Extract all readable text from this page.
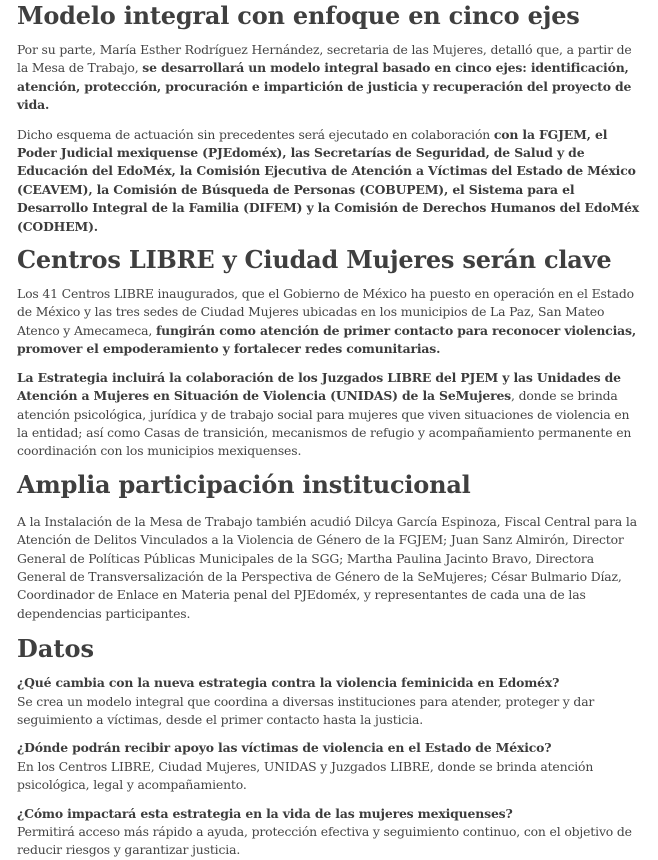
Modelo integral con enfoque en cinco ejes

Por su parte, María Esther Rodríguez Hernández, secretaria de las Mujeres, detalló que, a partir de la Mesa de Trabajo, se desarrollará un modelo integral basado en cinco ejes: identificación, atención, protección, procuración e impartición de justicia y recuperación del proyecto de vida.

Dicho esquema de actuación sin precedentes será ejecutado en colaboración con la FGJEM, el Poder Judicial mexiquense (PJEdoméx), las Secretarías de Seguridad, de Salud y de Educación del EdoMéx, la Comisión Ejecutiva de Atención a Víctimas del Estado de México (CEAVEM), la Comisión de Búsqueda de Personas (COBUPEM), el Sistema para el Desarrollo Integral de la Familia (DIFEM) y la Comisión de Derechos Humanos del EdoMéx (CODHEM).

Centros LIBRE y Ciudad Mujeres serán clave

Los 41 Centros LIBRE inaugurados, que el Gobierno de México ha puesto en operación en el Estado de México y las tres sedes de Ciudad Mujeres ubicadas en los municipios de La Paz, San Mateo Atenco y Amecameca, fungirán como atención de primer contacto para reconocer violencias, promover el empoderamiento y fortalecer redes comunitarias.

La Estrategia incluirá la colaboración de los Juzgados LIBRE del PJEM y las Unidades de Atención a Mujeres en Situación de Violencia (UNIDAS) de la SeMujeres, donde se brinda atención psicológica, jurídica y de trabajo social para mujeres que viven situaciones de violencia en la entidad; así como Casas de transición, mecanismos de refugio y acompañamiento permanente en coordinación con los municipios mexiquenses.

Amplia participación institucional

A la Instalación de la Mesa de Trabajo también acudió Dilcya García Espinoza, Fiscal Central para la Atención de Delitos Vinculados a la Violencia de Género de la FGJEM; Juan Sanz Almirón, Director General de Políticas Públicas Municipales de la SGG; Martha Paulina Jacinto Bravo, Directora General de Transversalización de la Perspectiva de Género de la SeMujeres; César Bulmario Díaz, Coordinador de Enlace en Materia penal del PJEdoméx, y representantes de cada una de las dependencias participantes.

Datos

¿Qué cambia con la nueva estrategia contra la violencia feminicida en Edoméx?

Se crea un modelo integral que coordina a diversas instituciones para atender, proteger y dar seguimiento a víctimas, desde el primer contacto hasta la justicia.

¿Dónde podrán recibir apoyo las víctimas de violencia en el Estado de México?

En los Centros LIBRE, Ciudad Mujeres, UNIDAS y Juzgados LIBRE, donde se brinda atención psicológica, legal y acompañamiento.

¿Cómo impactará esta estrategia en la vida de las mujeres mexiquenses?

Permitirá acceso más rápido a ayuda, protección efectiva y seguimiento continuo, con el objetivo de reducir riesgos y garantizar justicia.
